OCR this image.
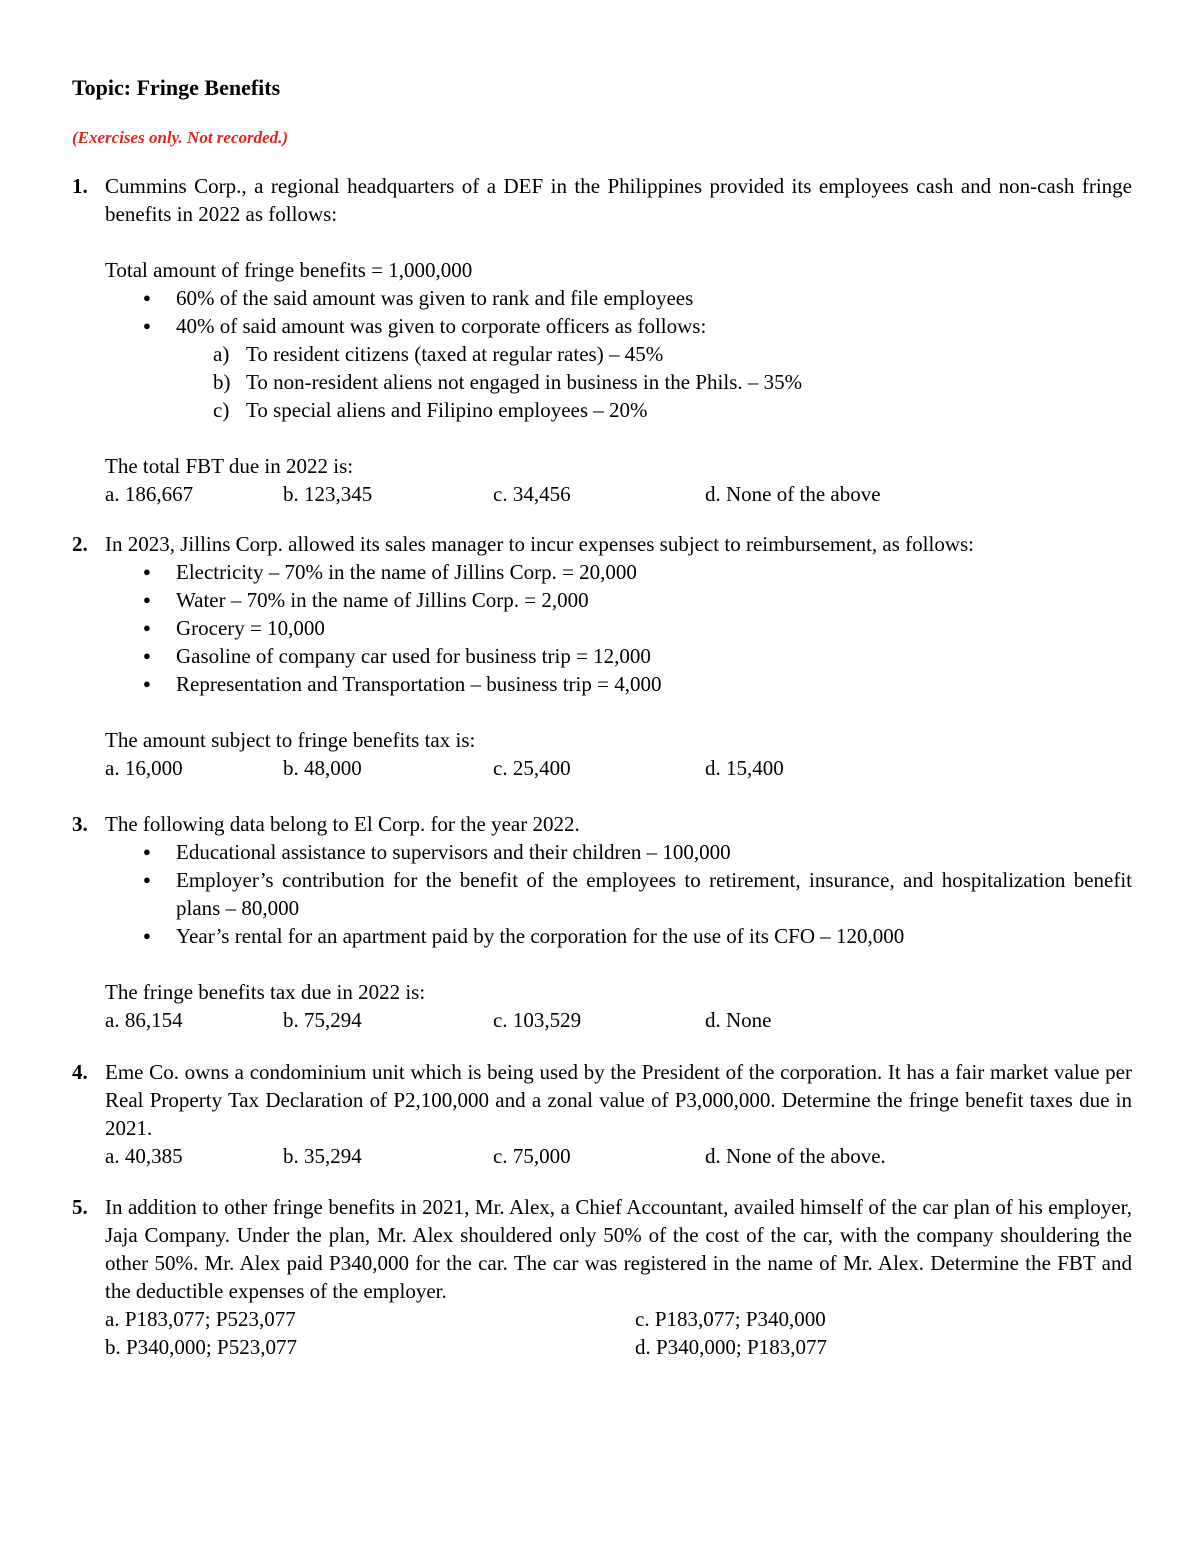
Topic: Fringe Benefits
(Exercises only. Not recorded.)
1. Cummins Corp., a regional headquarters of a DEF in the Philippines provided its employees cash and non-cash fringe benefits in 2022 as follows:
Total amount of fringe benefits = 1,000,000
● 60% of the said amount was given to rank and file employees
● 40% of said amount was given to corporate officers as follows:
a) To resident citizens (taxed at regular rates) – 45%
b) To non-resident aliens not engaged in business in the Phils. – 35%
c) To special aliens and Filipino employees – 20%
The total FBT due in 2022 is:
a. 186,667	b. 123,345	c. 34,456	d. None of the above
2. In 2023, Jillins Corp. allowed its sales manager to incur expenses subject to reimbursement, as follows:
● Electricity – 70% in the name of Jillins Corp. = 20,000
● Water – 70% in the name of Jillins Corp. = 2,000
● Grocery = 10,000
● Gasoline of company car used for business trip = 12,000
● Representation and Transportation – business trip = 4,000
The amount subject to fringe benefits tax is:
a. 16,000	b. 48,000	c. 25,400	d. 15,400
3. The following data belong to El Corp. for the year 2022.
● Educational assistance to supervisors and their children – 100,000
● Employer’s contribution for the benefit of the employees to retirement, insurance, and hospitalization benefit plans – 80,000
● Year’s rental for an apartment paid by the corporation for the use of its CFO – 120,000
The fringe benefits tax due in 2022 is:
a. 86,154	b. 75,294	c. 103,529	d. None
4. Eme Co. owns a condominium unit which is being used by the President of the corporation. It has a fair market value per Real Property Tax Declaration of P2,100,000 and a zonal value of P3,000,000. Determine the fringe benefit taxes due in 2021.
a. 40,385	b. 35,294	c. 75,000	d. None of the above.
5. In addition to other fringe benefits in 2021, Mr. Alex, a Chief Accountant, availed himself of the car plan of his employer, Jaja Company. Under the plan, Mr. Alex shouldered only 50% of the cost of the car, with the company shouldering the other 50%. Mr. Alex paid P340,000 for the car. The car was registered in the name of Mr. Alex. Determine the FBT and the deductible expenses of the employer.
a. P183,077; P523,077
b. P340,000; P523,077
c. P183,077; P340,000
d. P340,000; P183,077
